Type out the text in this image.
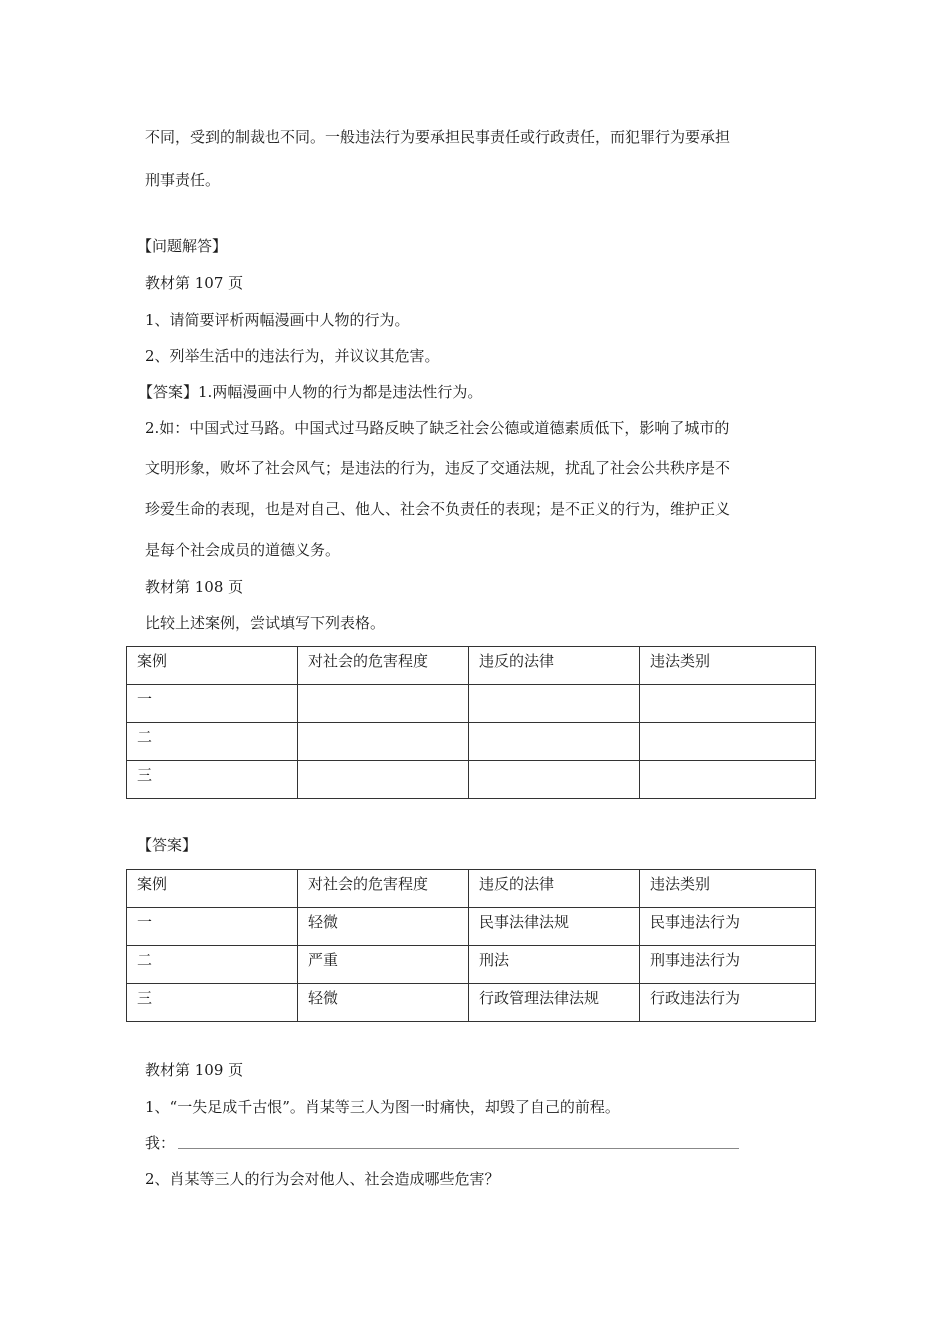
不同，受到的制裁也不同。一般违法行为要承担民事责任或行政责任，而犯罪行为要承担
刑事责任。
【问题解答】
教材第 107 页
1、请简要评析两幅漫画中人物的行为。
2、列举生活中的违法行为，并议议其危害。
【答案】1.两幅漫画中人物的行为都是违法性行为。
2.如：中国式过马路。中国式过马路反映了缺乏社会公德或道德素质低下，影响了城市的
文明形象，败坏了社会风气；是违法的行为，违反了交通法规，扰乱了社会公共秩序是不
珍爱生命的表现，也是对自己、他人、社会不负责任的表现；是不正义的行为，维护正义
是每个社会成员的道德义务。
教材第 108 页
比较上述案例，尝试填写下列表格。
案例	对社会的危害程度	违反的法律	违法类别
一			
二			
三			
【答案】
案例	对社会的危害程度	违反的法律	违法类别
一	轻微	民事法律法规	民事违法行为
二	严重	刑法	刑事违法行为
三	轻微	行政管理法律法规	行政违法行为
教材第 109 页
1、“一失足成千古恨”。肖某等三人为图一时痛快，却毁了自己的前程。
我：
2、肖某等三人的行为会对他人、社会造成哪些危害？
